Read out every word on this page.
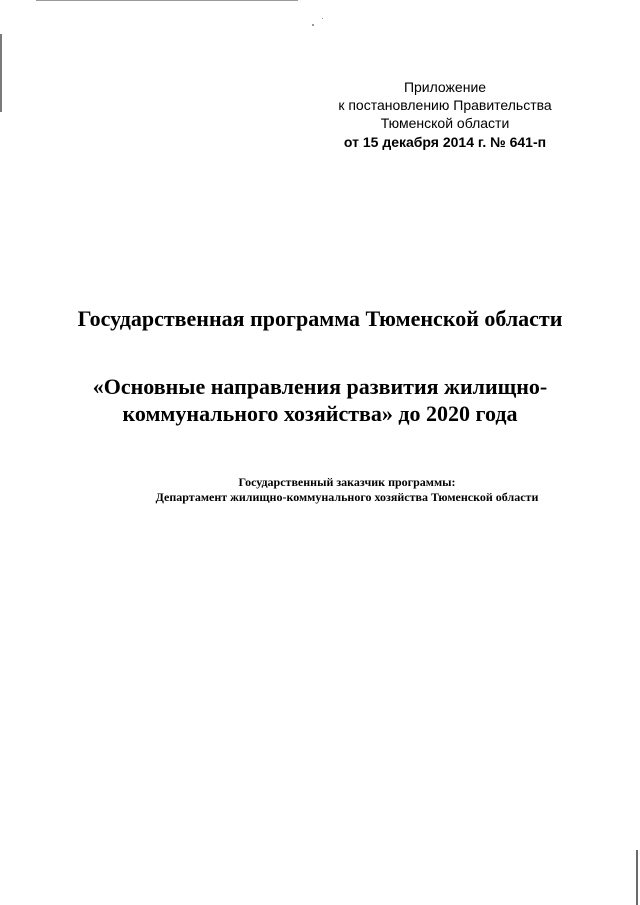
Приложение
к постановлению Правительства
Тюменской области
от 15 декабря 2014 г. № 641-п
Государственная программа Тюменской области
«Основные направления развития жилищно-
коммунального хозяйства» до 2020 года
Государственный заказчик программы:
Департамент жилищно-коммунального хозяйства Тюменской области
